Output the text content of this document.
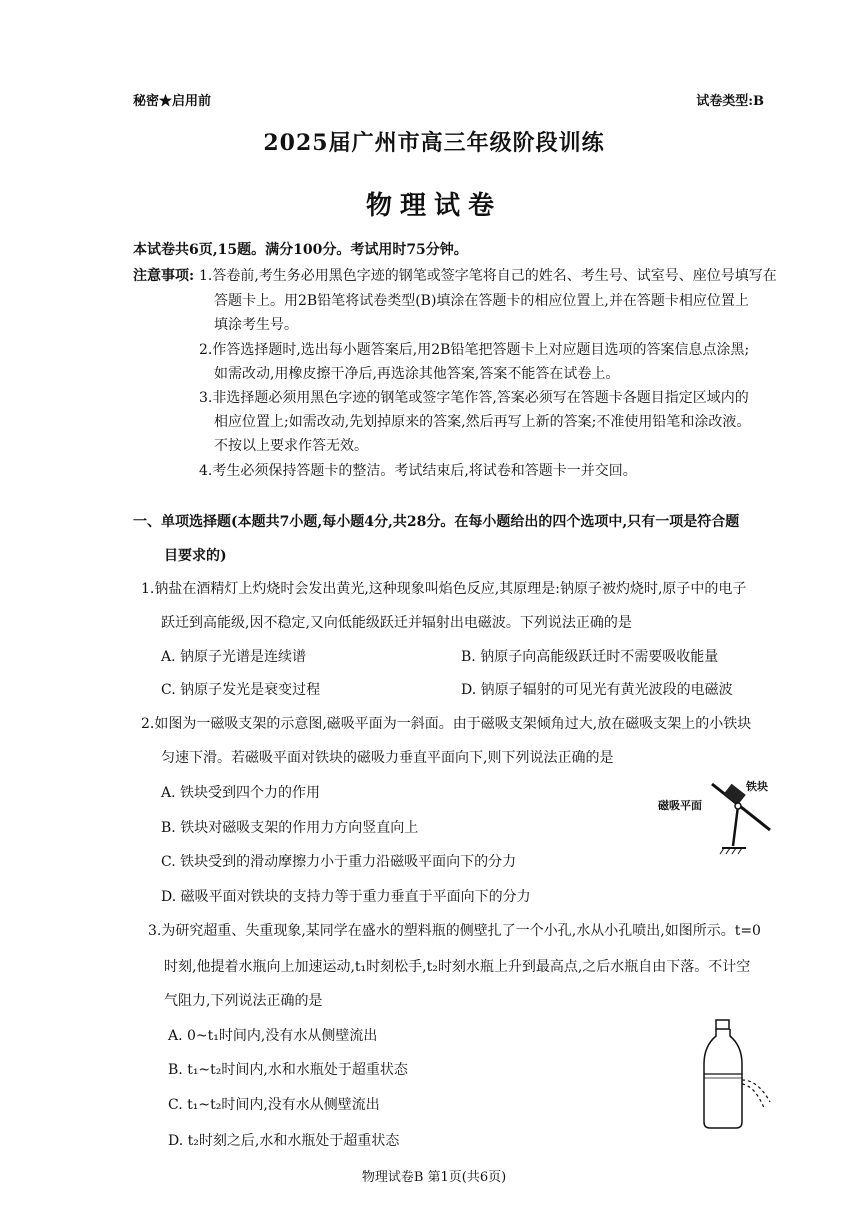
秘密★启用前	试卷类型:B
2025届广州市高三年级阶段训练
物理试卷
本试卷共6页,15题。满分100分。考试用时75分钟。
注意事项: 1.答卷前,考生务必用黑色字迹的钢笔或签字笔将自己的姓名、考生号、试室号、座位号填写在
答题卡上。用2B铅笔将试卷类型(B)填涂在答题卡的相应位置上,并在答题卡相应位置上
填涂考生号。
2.作答选择题时,选出每小题答案后,用2B铅笔把答题卡上对应题目选项的答案信息点涂黑;
如需改动,用橡皮擦干净后,再选涂其他答案,答案不能答在试卷上。
3.非选择题必须用黑色字迹的钢笔或签字笔作答,答案必须写在答题卡各题目指定区域内的
相应位置上;如需改动,先划掉原来的答案,然后再写上新的答案;不准使用铅笔和涂改液。
不按以上要求作答无效。
4.考生必须保持答题卡的整洁。考试结束后,将试卷和答题卡一并交回。
一、单项选择题(本题共7小题,每小题4分,共28分。在每小题给出的四个选项中,只有一项是符合题
目要求的)
1.钠盐在酒精灯上灼烧时会发出黄光,这种现象叫焰色反应,其原理是:钠原子被灼烧时,原子中的电子
跃迁到高能级,因不稳定,又向低能级跃迁并辐射出电磁波。下列说法正确的是
A. 钠原子光谱是连续谱	B. 钠原子向高能级跃迁时不需要吸收能量
C. 钠原子发光是衰变过程	D. 钠原子辐射的可见光有黄光波段的电磁波
2.如图为一磁吸支架的示意图,磁吸平面为一斜面。由于磁吸支架倾角过大,放在磁吸支架上的小铁块
匀速下滑。若磁吸平面对铁块的磁吸力垂直平面向下,则下列说法正确的是
A. 铁块受到四个力的作用
B. 铁块对磁吸支架的作用力方向竖直向上
C. 铁块受到的滑动摩擦力小于重力沿磁吸平面向下的分力
D. 磁吸平面对铁块的支持力等于重力垂直于平面向下的分力
铁块
磁吸平面
3.为研究超重、失重现象,某同学在盛水的塑料瓶的侧壁扎了一个小孔,水从小孔喷出,如图所示。t=0
时刻,他提着水瓶向上加速运动,t₁时刻松手,t₂时刻水瓶上升到最高点,之后水瓶自由下落。不计空
气阻力,下列说法正确的是
A. 0~t₁时间内,没有水从侧壁流出
B. t₁~t₂时间内,水和水瓶处于超重状态
C. t₁~t₂时间内,没有水从侧壁流出
D. t₂时刻之后,水和水瓶处于超重状态
物理试卷B 第1页(共6页)
